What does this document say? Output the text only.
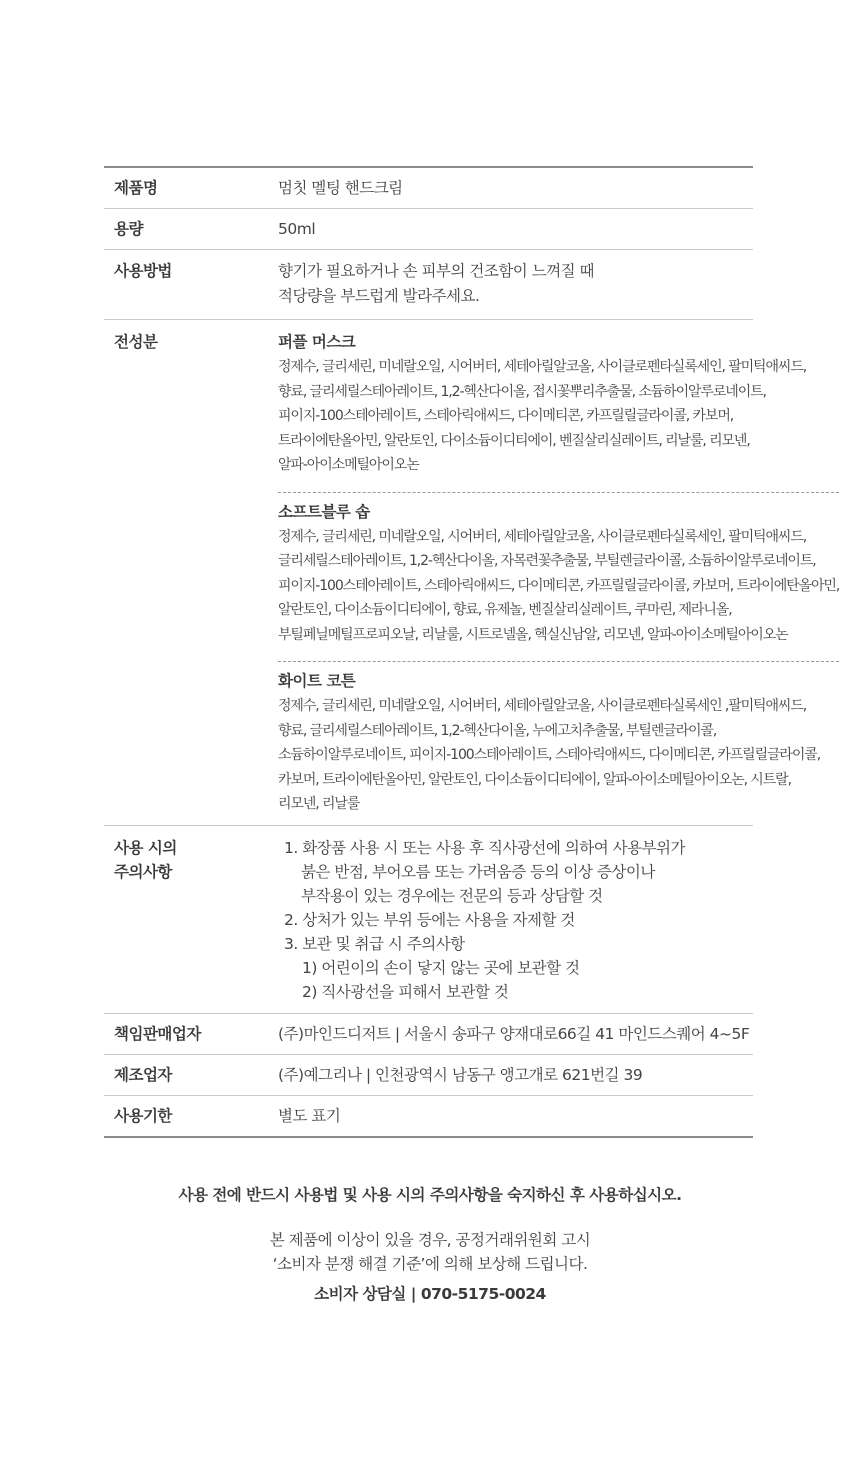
제품명	멈칫 멜팅 핸드크림
용량	50ml
사용방법	향기가 필요하거나 손 피부의 건조함이 느껴질 때
적당량을 부드럽게 발라주세요.
전성분	퍼플 머스크
정제수, 글리세린, 미네랄오일, 시어버터, 세테아릴알코올, 사이클로펜타실록세인, 팔미틱애씨드,
향료, 글리세릴스테아레이트, 1,2-헥산다이올, 접시꽃뿌리추출물, 소듐하이알루로네이트,
피이지-100스테아레이트, 스테아릭애씨드, 다이메티콘, 카프릴릴글라이콜, 카보머,
트라이에탄올아민, 알란토인, 다이소듐이디티에이, 벤질살리실레이트, 리날룰, 리모넨,
알파-아이소메틸아이오논
소프트블루 솝
정제수, 글리세린, 미네랄오일, 시어버터, 세테아릴알코올, 사이클로펜타실록세인, 팔미틱애씨드,
글리세릴스테아레이트, 1,2-헥산다이올, 자목련꽃추출물, 부틸렌글라이콜, 소듐하이알루로네이트,
피이지-100스테아레이트, 스테아릭애씨드, 다이메티콘, 카프릴릴글라이콜, 카보머, 트라이에탄올아민,
알란토인, 다이소듐이디티에이, 향료, 유제놀, 벤질살리실레이트, 쿠마린, 제라니올,
부틸페닐메틸프로피오날, 리날룰, 시트로넬올, 헥실신남알, 리모넨, 알파-아이소메틸아이오논
화이트 코튼
정제수, 글리세린, 미네랄오일, 시어버터, 세테아릴알코올, 사이클로펜타실록세인 ,팔미틱애씨드,
향료, 글리세릴스테아레이트, 1,2-헥산다이올, 누에고치추출물, 부틸렌글라이콜,
소듐하이알루로네이트, 피이지-100스테아레이트, 스테아릭애씨드, 다이메티콘, 카프릴릴글라이콜,
카보머, 트라이에탄올아민, 알란토인, 다이소듐이디티에이, 알파-아이소메틸아이오논, 시트랄,
리모넨, 리날룰
사용 시의
주의사항
1. 화장품 사용 시 또는 사용 후 직사광선에 의하여 사용부위가
붉은 반점, 부어오름 또는 가려움증 등의 이상 증상이나
부작용이 있는 경우에는 전문의 등과 상담할 것
2. 상처가 있는 부위 등에는 사용을 자제할 것
3. 보관 및 취급 시 주의사항
1) 어린이의 손이 닿지 않는 곳에 보관할 것
2) 직사광선을 피해서 보관할 것
책임판매업자	(주)마인드디저트 | 서울시 송파구 양재대로66길 41 마인드스퀘어 4~5F
제조업자	(주)예그리나 | 인천광역시 남동구 앵고개로 621번길 39
사용기한	별도 표기
사용 전에 반드시 사용법 및 사용 시의 주의사항을 숙지하신 후 사용하십시오.
본 제품에 이상이 있을 경우, 공정거래위원회 고시
‘소비자 분쟁 해결 기준’에 의해 보상해 드립니다.
소비자 상담실 | 070-5175-0024
